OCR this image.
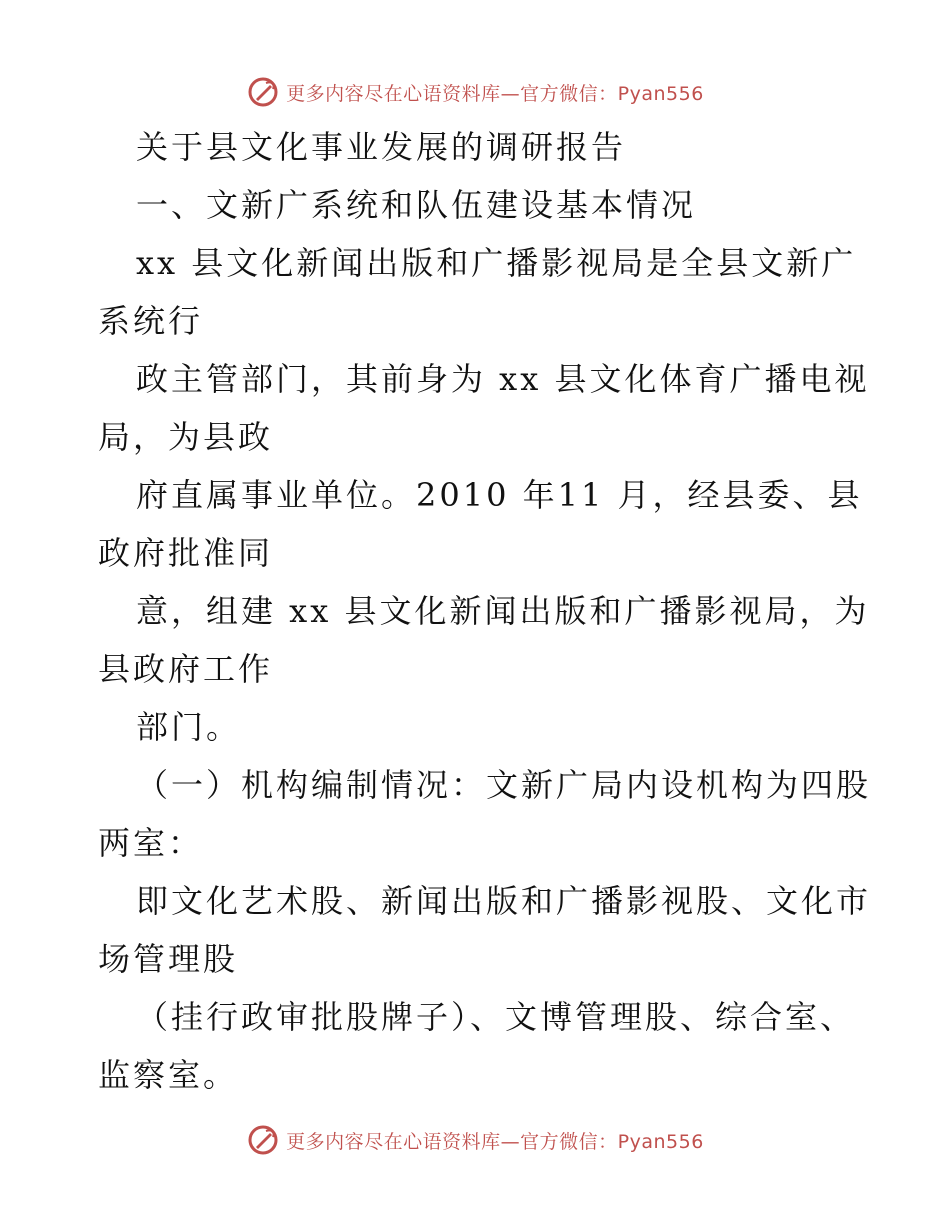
更多内容尽在心语资料库—官方微信：Pyan556

关于县文化事业发展的调研报告

一、文新广系统和队伍建设基本情况

xx 县文化新闻出版和广播影视局是全县文新广

系统行

政主管部门，其前身为 xx 县文化体育广播电视

局，为县政

府直属事业单位。2010 年11 月，经县委、县

政府批准同

意，组建 xx 县文化新闻出版和广播影视局，为

县政府工作

部门。

（一）机构编制情况：文新广局内设机构为四股

两室：

即文化艺术股、新闻出版和广播影视股、文化市

场管理股

（挂行政审批股牌子）、文博管理股、综合室、

监察室。

更多内容尽在心语资料库—官方微信：Pyan556
